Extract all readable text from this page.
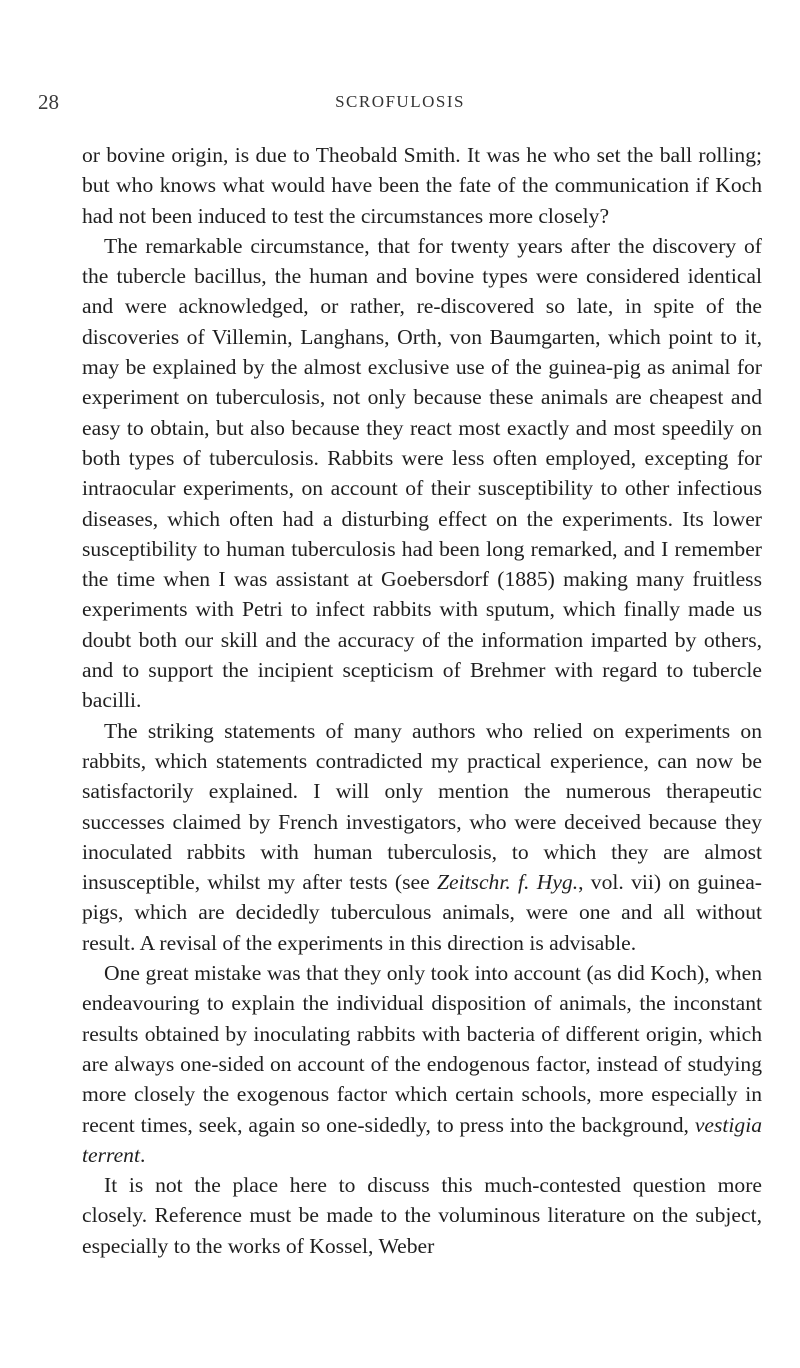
28	SCROFULOSIS

or bovine origin, is due to Theobald Smith. It was he who set the ball rolling; but who knows what would have been the fate of the communication if Koch had not been induced to test the circumstances more closely?

The remarkable circumstance, that for twenty years after the discovery of the tubercle bacillus, the human and bovine types were considered identical and were acknowledged, or rather, re-discovered so late, in spite of the discoveries of Villemin, Langhans, Orth, von Baumgarten, which point to it, may be explained by the almost exclusive use of the guinea-pig as animal for experiment on tuberculosis, not only because these animals are cheapest and easy to obtain, but also because they react most exactly and most speedily on both types of tuberculosis. Rabbits were less often employed, excepting for intraocular experiments, on account of their susceptibility to other infectious diseases, which often had a disturbing effect on the experiments. Its lower susceptibility to human tuberculosis had been long remarked, and I remember the time when I was assistant at Goebersdorf (1885) making many fruitless experiments with Petri to infect rabbits with sputum, which finally made us doubt both our skill and the accuracy of the information imparted by others, and to support the incipient scepticism of Brehmer with regard to tubercle bacilli.

The striking statements of many authors who relied on experiments on rabbits, which statements contradicted my practical experience, can now be satisfactorily explained. I will only mention the numerous therapeutic successes claimed by French investigators, who were deceived because they inoculated rabbits with human tuberculosis, to which they are almost insusceptible, whilst my after tests (see Zeitschr. f. Hyg., vol. vii) on guinea-pigs, which are decidedly tuberculous animals, were one and all without result. A revisal of the experiments in this direction is advisable.

One great mistake was that they only took into account (as did Koch), when endeavouring to explain the individual disposition of animals, the inconstant results obtained by inoculating rabbits with bacteria of different origin, which are always one-sided on account of the endogenous factor, instead of studying more closely the exogenous factor which certain schools, more especially in recent times, seek, again so one-sidedly, to press into the background, vestigia terrent.

It is not the place here to discuss this much-contested question more closely. Reference must be made to the voluminous literature on the subject, especially to the works of Kossel, Weber
